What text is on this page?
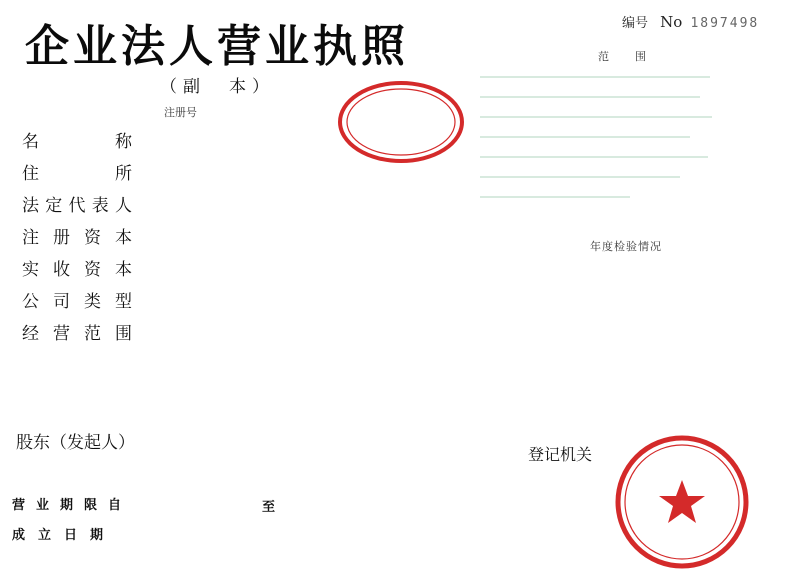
企业法人营业执照
（副　本）
注册号
编号 No 1897498
名	称
住	所
法 定 代 表 人
注 册 资 本
实 收 资 本
公 司 类 型
经 营 范 围
范围
年度检验情况
股东（发起人）
登记机关
营业期限自	至
成立日期
